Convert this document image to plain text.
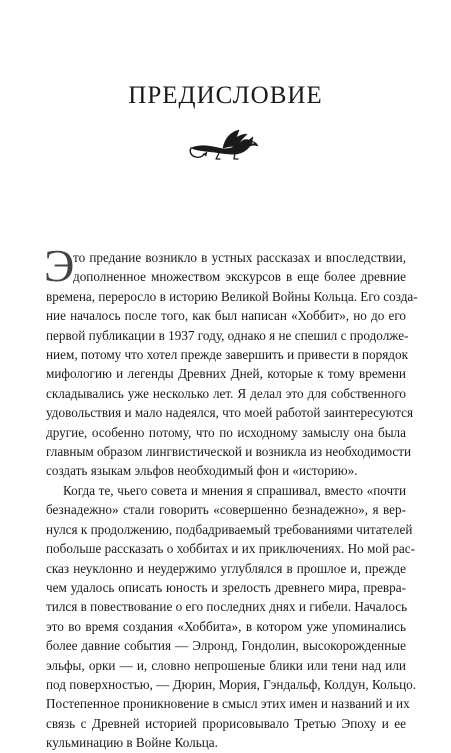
ПРЕДИСЛОВИЕ
Э
то предание возникло в устных рассказах и впоследствии,
дополненное множеством экскурсов в еще более древние
времена, переросло в историю Великой Войны Кольца. Его созда-
ние началось после того, как был написан «Хоббит», но до его
первой публикации в 1937 году, однако я не спешил с продолже-
нием, потому что хотел прежде завершить и привести в порядок
мифологию и легенды Древних Дней, которые к тому времени
складывались уже несколько лет. Я делал это для собственного
удовольствия и мало надеялся, что моей работой заинтересуются
другие, особенно потому, что по исходному замыслу она была
главным образом лингвистической и возникла из необходимости
создать языкам эльфов необходимый фон и «историю».
Когда те, чьего совета и мнения я спрашивал, вместо «почти
безнадежно» стали говорить «совершенно безнадежно», я вер-
нулся к продолжению, подбадриваемый требованиями читателей
побольше рассказать о хоббитах и их приключениях. Но мой рас-
сказ неуклонно и неудержимо углублялся в прошлое и, прежде
чем удалось описать юность и зрелость древнего мира, превра-
тился в повествование о его последних днях и гибели. Началось
это во время создания «Хоббита», в котором уже упоминались
более давние события — Элронд, Гондолин, высокорожденные
эльфы, орки — и, словно непрошеные блики или тени над или
под поверхностью, — Дюрин, Мория, Гэндальф, Колдун, Кольцо.
Постепенное проникновение в смысл этих имен и названий и их
связь с Древней историей прорисовывало Третью Эпоху и ее
кульминацию в Войне Кольца.
